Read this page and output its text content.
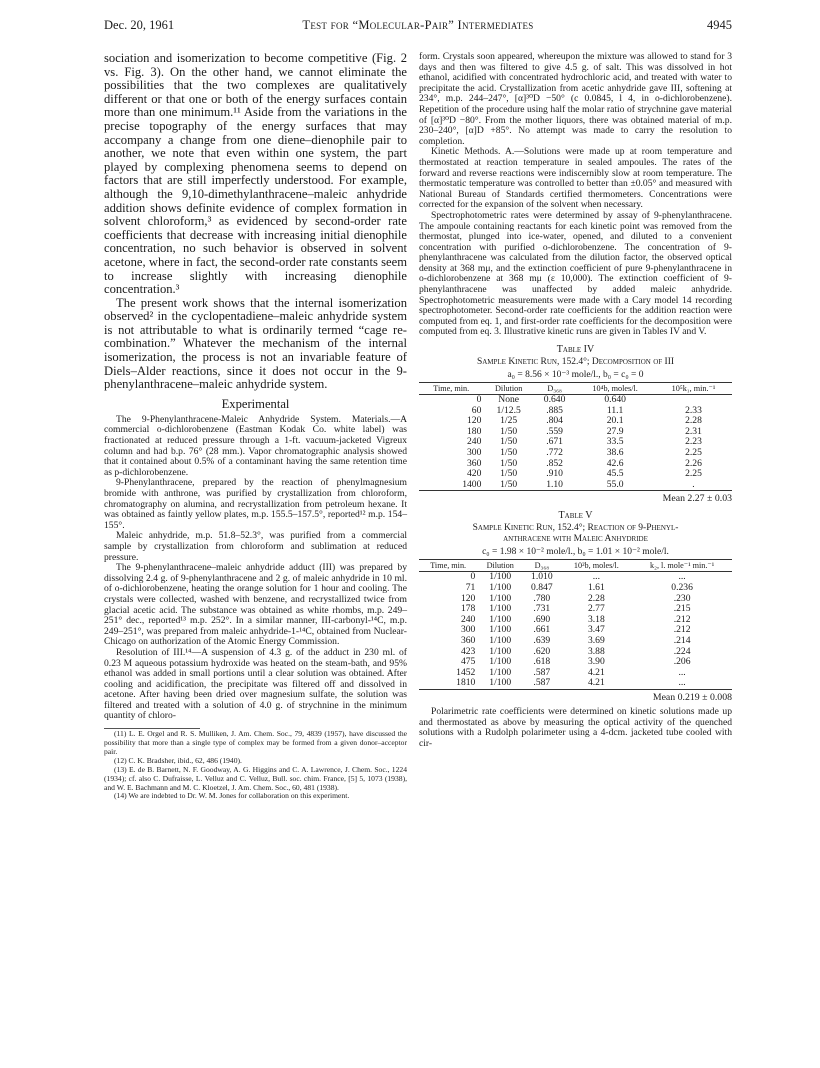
Dec. 20, 1961	Test for “Molecular-Pair” Intermediates	4945

sociation and isomerization to become competitive (Fig. 2 vs. Fig. 3). On the other hand, we cannot eliminate the possibilities that the two complexes are qualitatively different or that one or both of the energy surfaces contain more than one minimum.¹¹ Aside from the variations in the precise topography of the energy surfaces that may accompany a change from one diene–dienophile pair to another, we note that even within one system, the part played by complexing phenomena seems to depend on factors that are still imperfectly understood. For example, although the 9,10-dimethylanthracene–maleic anhydride addition shows definite evidence of complex formation in solvent chloroform,³ as evidenced by second-order rate coefficients that decrease with increasing initial dienophile concentration, no such behavior is observed in solvent acetone, where in fact, the second-order rate constants seem to increase slightly with increasing dienophile concentration.³

The present work shows that the internal isomerization observed² in the cyclopentadiene–maleic anhydride system is not attributable to what is ordinarily termed “cage re-combination.” Whatever the mechanism of the internal isomerization, the process is not an invariable feature of Diels–Alder reactions, since it does not occur in the 9-phenylanthracene–maleic anhydride system.

Experimental

The 9-Phenylanthracene-Maleic Anhydride System. Materials.—A commercial o-dichlorobenzene (Eastman Kodak Co. white label) was fractionated at reduced pressure through a 1-ft. vacuum-jacketed Vigreux column and had b.p. 76° (28 mm.). Vapor chromatographic analysis showed that it contained about 0.5% of a contaminant having the same retention time as p-dichlorobenzene.

9-Phenylanthracene, prepared by the reaction of phenylmagnesium bromide with anthrone, was purified by crystallization from chloroform, chromatography on alumina, and recrystallization from petroleum hexane. It was obtained as faintly yellow plates, m.p. 155.5–157.5°, reported¹² m.p. 154–155°.

Maleic anhydride, m.p. 51.8–52.3°, was purified from a commercial sample by crystallization from chloroform and sublimation at reduced pressure.

The 9-phenylanthracene–maleic anhydride adduct (III) was prepared by dissolving 2.4 g. of 9-phenylanthracene and 2 g. of maleic anhydride in 10 ml. of o-dichlorobenzene, heating the orange solution for 1 hour and cooling. The crystals were collected, washed with benzene, and recrystallized twice from glacial acetic acid. The substance was obtained as white rhombs, m.p. 249–251° dec., reported¹³ m.p. 252°. In a similar manner, III-carbonyl-¹⁴C, m.p. 249–251°, was prepared from maleic anhydride-1-¹⁴C, obtained from Nuclear-Chicago on authorization of the Atomic Energy Commission.

Resolution of III.¹⁴—A suspension of 4.3 g. of the adduct in 230 ml. of 0.23 M aqueous potassium hydroxide was heated on the steam-bath, and 95% ethanol was added in small portions until a clear solution was obtained. After cooling and acidification, the precipitate was filtered off and dissolved in acetone. After having been dried over magnesium sulfate, the solution was filtered and treated with a solution of 4.0 g. of strychnine in the minimum quantity of chloro-

(11) L. E. Orgel and R. S. Mulliken, J. Am. Chem. Soc., 79, 4839 (1957), have discussed the possibility that more than a single type of complex may be formed from a given donor–acceptor pair.

(12) C. K. Bradsher, ibid., 62, 486 (1940).

(13) E. de B. Barnett, N. F. Goodway, A. G. Higgins and C. A. Lawrence, J. Chem. Soc., 1224 (1934); cf. also C. Dufraisse, L. Velluz and C. Velluz, Bull. soc. chim. France, [5] 5, 1073 (1938), and W. E. Bachmann and M. C. Kloetzel, J. Am. Chem. Soc., 60, 481 (1938).

(14) We are indebted to Dr. W. M. Jones for collaboration on this experiment.

form. Crystals soon appeared, whereupon the mixture was allowed to stand for 3 days and then was filtered to give 4.5 g. of salt. This was dissolved in hot ethanol, acidified with concentrated hydrochloric acid, and treated with water to precipitate the acid. Crystallization from acetic anhydride gave III, softening at 234°, m.p. 244–247°, [α]³⁰D −50° (c 0.0845, l 4, in o-dichlorobenzene). Repetition of the procedure using half the molar ratio of strychnine gave material of [α]³⁰D −80°. From the mother liquors, there was obtained material of m.p. 230–240°, [α]D +85°. No attempt was made to carry the resolution to completion.

Kinetic Methods. A.—Solutions were made up at room temperature and thermostated at reaction temperature in sealed ampoules. The rates of the forward and reverse reactions were indiscernibly slow at room temperature. The thermostatic temperature was controlled to better than ±0.05° and measured with National Bureau of Standards certified thermometers. Concentrations were corrected for the expansion of the solvent when necessary.

Spectrophotometric rates were determined by assay of 9-phenylanthracene. The ampoule containing reactants for each kinetic point was removed from the thermostat, plunged into ice-water, opened, and diluted to a convenient concentration with purified o-dichlorobenzene. The concentration of 9-phenylanthracene was calculated from the dilution factor, the observed optical density at 368 mμ, and the extinction coefficient of pure 9-phenylanthracene in o-dichlorobenzene at 368 mμ (ε 10,000). The extinction coefficient of 9-phenylanthracene was unaffected by added maleic anhydride. Spectrophotometric measurements were made with a Cary model 14 recording spectrophotometer. Second-order rate coefficients for the addition reaction were computed from eq. 1, and first-order rate coefficients for the decomposition were computed from eq. 3. Illustrative kinetic runs are given in Tables IV and V.

Table IV
Sample Kinetic Run, 152.4°; Decomposition of III
a₀ = 8.56 × 10⁻³ mole/l., b₀ = c₀ = 0
Time, min.	Dilution	D₃₆₈	10⁴b, moles/l.	10⁵k₁, min.⁻¹
0	None	0.640	0.640	
60	1/12.5	.885	11.1	2.33
120	1/25	.804	20.1	2.28
180	1/50	.559	27.9	2.31
240	1/50	.671	33.5	2.23
300	1/50	.772	38.6	2.25
360	1/50	.852	42.6	2.26
420	1/50	.910	45.5	2.25
1400	1/50	1.10	55.0	.
Mean 2.27 ± 0.03
Table V
Sample Kinetic Run, 152.4°; Reaction of 9-Phenyl-
anthracene with Maleic Anhydride
c₀ = 1.98 × 10⁻² mole/l., b₀ = 1.01 × 10⁻² mole/l.
Time, min.	Dilution	D₃₆₈	10²b, moles/l.	k₂, l. mole⁻¹ min.⁻¹
0	1/100	1.010	...	...
71	1/100	0.847	1.61	0.236
120	1/100	.780	2.28	.230
178	1/100	.731	2.77	.215
240	1/100	.690	3.18	.212
300	1/100	.661	3.47	.212
360	1/100	.639	3.69	.214
423	1/100	.620	3.88	.224
475	1/100	.618	3.90	.206
1452	1/100	.587	4.21	...
1810	1/100	.587	4.21	...
Mean 0.219 ± 0.008

Polarimetric rate coefficients were determined on kinetic solutions made up and thermostated as above by measuring the optical activity of the quenched solutions with a Rudolph polarimeter using a 4-dcm. jacketed tube cooled with cir-
